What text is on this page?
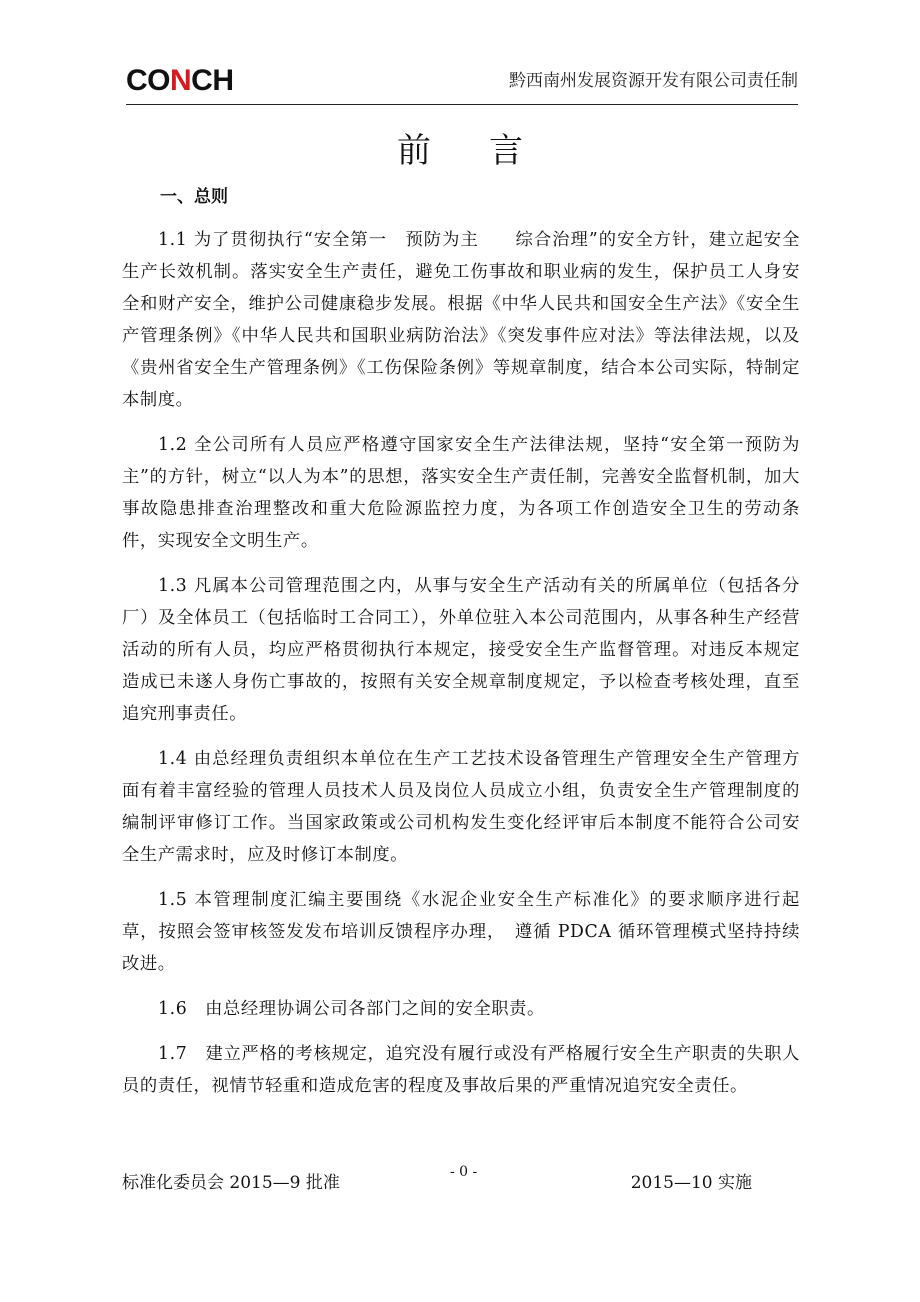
CONCH	黔西南州发展资源开发有限公司责任制
前言
一、总则

1.1 为了贯彻执行“安全第一　预防为主　　综合治理”的安全方针，建立起安全生产长效机制。落实安全生产责任，避免工伤事故和职业病的发生，保护员工人身安全和财产安全，维护公司健康稳步发展。根据《中华人民共和国安全生产法》《安全生产管理条例》《中华人民共和国职业病防治法》《突发事件应对法》等法律法规，以及《贵州省安全生产管理条例》《工伤保险条例》等规章制度，结合本公司实际，特制定本制度。

1.2 全公司所有人员应严格遵守国家安全生产法律法规，坚持“安全第一预防为主”的方针，树立“以人为本”的思想，落实安全生产责任制，完善安全监督机制，加大事故隐患排查治理整改和重大危险源监控力度，为各项工作创造安全卫生的劳动条件，实现安全文明生产。

1.3 凡属本公司管理范围之内，从事与安全生产活动有关的所属单位（包括各分厂）及全体员工（包括临时工合同工），外单位驻入本公司范围内，从事各种生产经营活动的所有人员，均应严格贯彻执行本规定，接受安全生产监督管理。对违反本规定造成已未遂人身伤亡事故的，按照有关安全规章制度规定，予以检查考核处理，直至追究刑事责任。

1.4 由总经理负责组织本单位在生产工艺技术设备管理生产管理安全生产管理方面有着丰富经验的管理人员技术人员及岗位人员成立小组，负责安全生产管理制度的编制评审修订工作。当国家政策或公司机构发生变化经评审后本制度不能符合公司安全生产需求时，应及时修订本制度。

1.5 本管理制度汇编主要围绕《水泥企业安全生产标准化》的要求顺序进行起草，按照会签审核签发发布培训反馈程序办理，　遵循 PDCA 循环管理模式坚持持续改进。

1.6　由总经理协调公司各部门之间的安全职责。

1.7　建立严格的考核规定，追究没有履行或没有严格履行安全生产职责的失职人员的责任，视情节轻重和造成危害的程度及事故后果的严重情况追究安全责任。

标准化委员会 2015—9 批准
- 0 -
2015—10 实施
